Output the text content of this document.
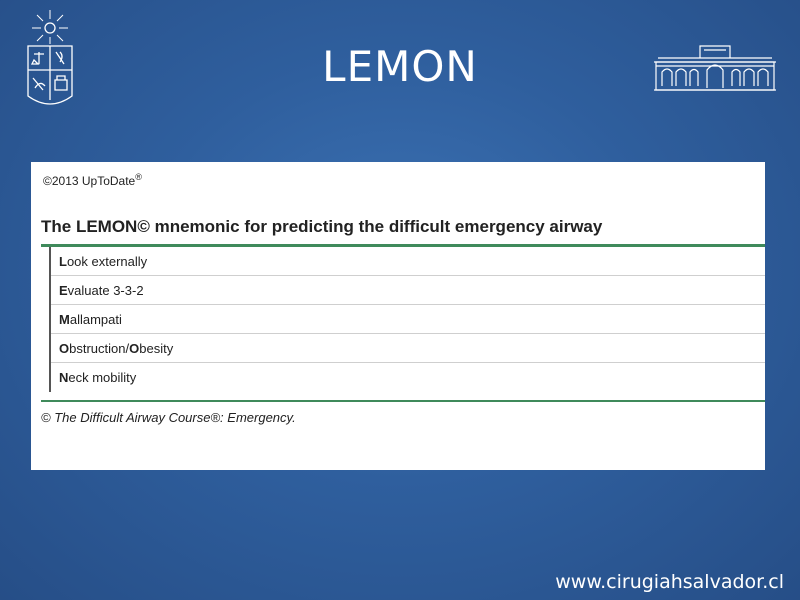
LEMON
©2013 UpToDate®
The LEMON© mnemonic for predicting the difficult emergency airway
L ook externally
E valuate 3-3-2
M allampati
O bstruction/ O besity
N eck mobility
© The Difficult Airway Course®: Emergency.
www.cirugiahsalvador.cl
